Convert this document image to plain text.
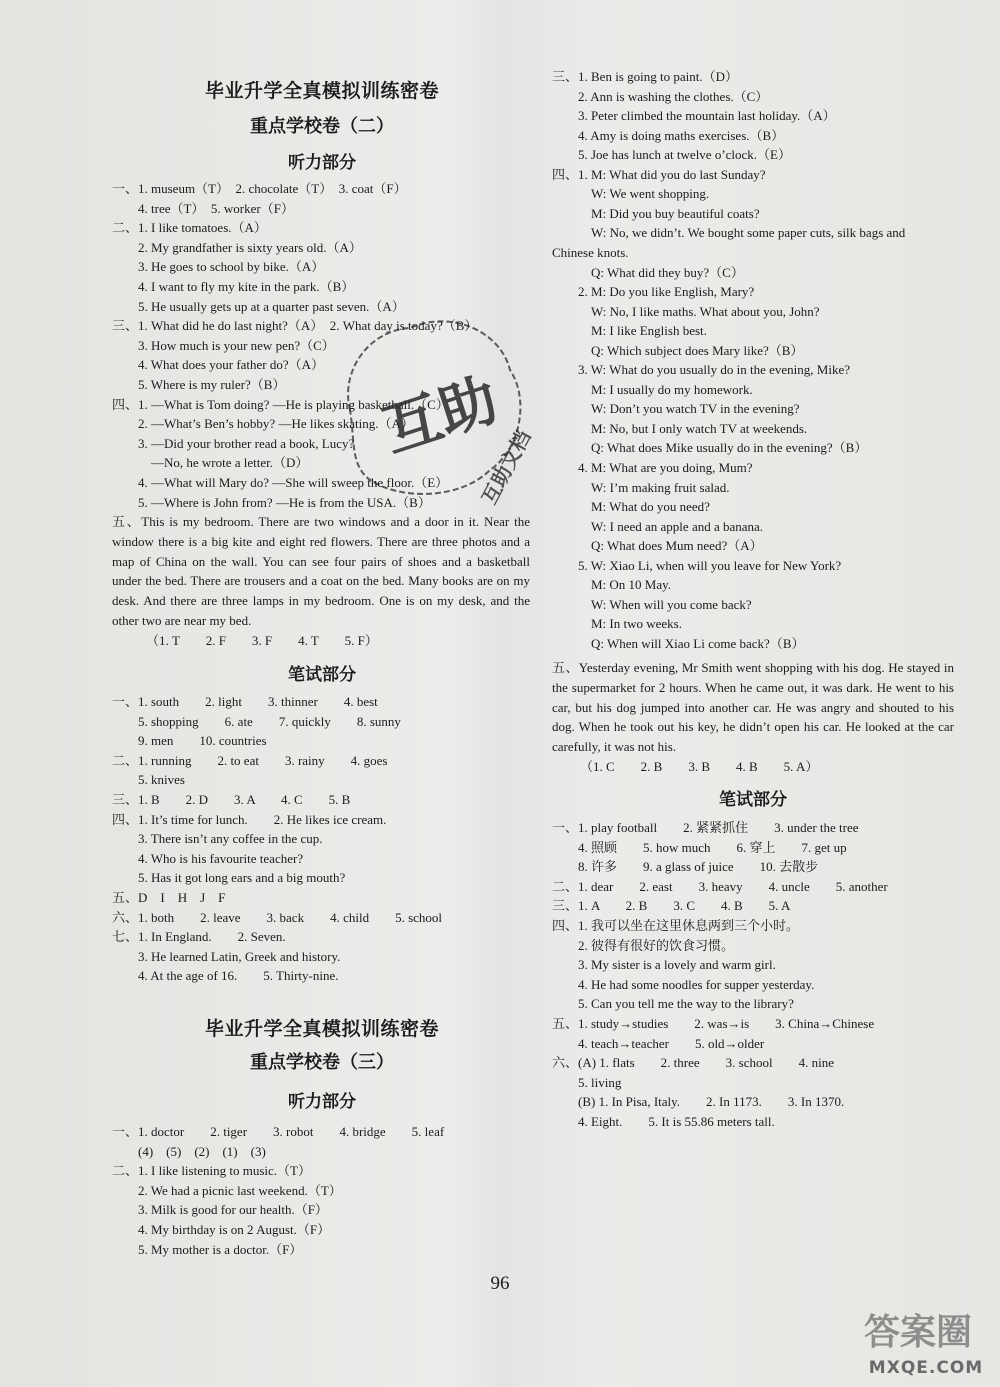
毕业升学全真模拟训练密卷
重点学校卷（二）
听力部分
一、1. museum（T）　2. chocolate（T）　3. coat（F）
　　4. tree（T）　5. worker（F）
二、1. I like tomatoes.（A）
　　2. My grandfather is sixty years old.（A）
　　3. He goes to school by bike.（A）
　　4. I want to fly my kite in the park.（B）
　　5. He usually gets up at a quarter past seven.（A）
三、1. What did he do last night?（A）　2. What day is today?（B）
　　3. How much is your new pen?（C）
　　4. What does your father do?（A）
　　5. Where is my ruler?（B）
四、1. —What is Tom doing? —He is playing basketball.（C）
　　2. —What’s Ben’s hobby? —He likes skating.（A）
　　3. —Did your brother read a book, Lucy?
　　　—No, he wrote a letter.（D）
　　4. —What will Mary do? —She will sweep the floor.（E）
　　5. —Where is John from? —He is from the USA.（B）
五、This is my bedroom. There are two windows and a door in it. Near the window there is a big kite and eight red flowers. There are three photos and a map of China on the wall. You can see four pairs of shoes and a basketball under the bed. There are trousers and a coat on the bed. Many books are on my desk. And there are three lamps in my bedroom. One is on my desk, and the other two are near my bed.
（1. T　　2. F　　3. F　　4. T　　5. F）
笔试部分
一、1. south　　2. light　　3. thinner　　4. best
　　5. shopping　　6. ate　　7. quickly　　8. sunny
　　9. men　　10. countries
二、1. running　　2. to eat　　3. rainy　　4. goes
　　5. knives
三、1. B　　2. D　　3. A　　4. C　　5. B
四、1. It’s time for lunch.　　2. He likes ice cream.
　　3. There isn’t any coffee in the cup.
　　4. Who is his favourite teacher?
　　5. Has it got long ears and a big mouth?
五、D　I　H　J　F
六、1. both　　2. leave　　3. back　　4. child　　5. school
七、1. In England.　　2. Seven.
　　3. He learned Latin, Greek and history.
　　4. At the age of 16.　　5. Thirty-nine.
毕业升学全真模拟训练密卷
重点学校卷（三）
听力部分
一、1. doctor　　2. tiger　　3. robot　　4. bridge　　5. leaf
　　(4)　(5)　(2)　(1)　(3)
二、1. I like listening to music.（T）
　　2. We had a picnic last weekend.（T）
　　3. Milk is good for our health.（F）
　　4. My birthday is on 2 August.（F）
　　5. My mother is a doctor.（F）
三、1. Ben is going to paint.（D）
　　2. Ann is washing the clothes.（C）
　　3. Peter climbed the mountain last holiday.（A）
　　4. Amy is doing maths exercises.（B）
　　5. Joe has lunch at twelve o’clock.（E）
四、1. M: What did you do last Sunday?
　　　W: We went shopping.
　　　M: Did you buy beautiful coats?
　　　W: No, we didn’t. We bought some paper cuts, silk bags and
Chinese knots.
　　　Q: What did they buy?（C）
　　2. M: Do you like English, Mary?
　　　W: No, I like maths. What about you, John?
　　　M: I like English best.
　　　Q: Which subject does Mary like?（B）
　　3. W: What do you usually do in the evening, Mike?
　　　M: I usually do my homework.
　　　W: Don’t you watch TV in the evening?
　　　M: No, but I only watch TV at weekends.
　　　Q: What does Mike usually do in the evening?（B）
　　4. M: What are you doing, Mum?
　　　W: I’m making fruit salad.
　　　M: What do you need?
　　　W: I need an apple and a banana.
　　　Q: What does Mum need?（A）
　　5. W: Xiao Li, when will you leave for New York?
　　　M: On 10 May.
　　　W: When will you come back?
　　　M: In two weeks.
　　　Q: When will Xiao Li come back?（B）
五、Yesterday evening, Mr Smith went shopping with his dog. He stayed in the supermarket for 2 hours. When he came out, it was dark. He went to his car, but his dog jumped into another car. He was angry and shouted to his dog. When he took out his key, he didn’t open his car. He looked at the car carefully, it was not his.
（1. C　　2. B　　3. B　　4. B　　5. A）
笔试部分
一、1. play football　　2. 紧紧抓住　　3. under the tree
　　4. 照顾　　5. how much　　6. 穿上　　7. get up
　　8. 许多　　9. a glass of juice　　10. 去散步
二、1. dear　　2. east　　3. heavy　　4. uncle　　5. another
三、1. A　　2. B　　3. C　　4. B　　5. A
四、1. 我可以坐在这里休息两到三个小时。
　　2. 彼得有很好的饮食习惯。
　　3. My sister is a lovely and warm girl.
　　4. He had some noodles for supper yesterday.
　　5. Can you tell me the way to the library?
五、1. study→studies　　2. was→is　　3. China→Chinese
　　4. teach→teacher　　5. old→older
六、(A) 1. flats　　2. three　　3. school　　4. nine
　　5. living
　　(B) 1. In Pisa, Italy.　　2. In 1173.　　3. In 1370.
　　4. Eight.　　5. It is 55.86 meters tall.
96
互助
互助文档
答案圈
MXQE.COM
